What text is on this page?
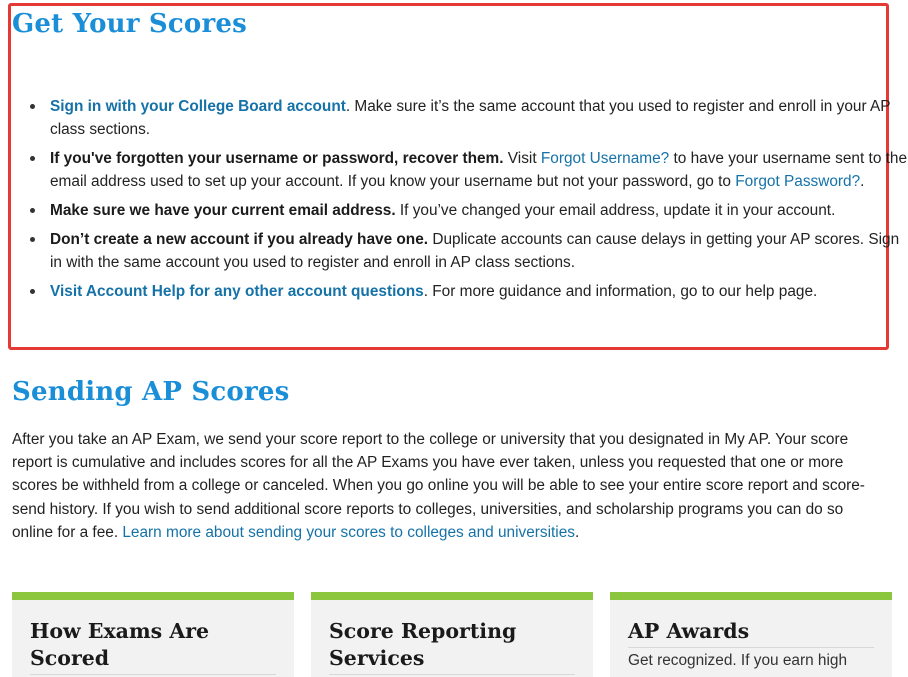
Get Your Scores
Sign in with your College Board account. Make sure it’s the same account that you used to register and enroll in your AP class sections.
If you've forgotten your username or password, recover them. Visit Forgot Username? to have your username sent to the email address used to set up your account. If you know your username but not your password, go to Forgot Password?.
Make sure we have your current email address. If you’ve changed your email address, update it in your account.
Don’t create a new account if you already have one. Duplicate accounts can cause delays in getting your AP scores. Sign in with the same account you used to register and enroll in AP class sections.
Visit Account Help for any other account questions. For more guidance and information, go to our help page.
Sending AP Scores

After you take an AP Exam, we send your score report to the college or university that you designated in My AP. Your score report is cumulative and includes scores for all the AP Exams you have ever taken, unless you requested that one or more scores be withheld from a college or canceled. When you go online you will be able to see your entire score report and score-send history. If you wish to send additional score reports to colleges, universities, and scholarship programs you can do so online for a fee. Learn more about sending your scores to colleges and universities.

How Exams Are Scored
Score Reporting Services
AP Awards

Get recognized. If you earn high
